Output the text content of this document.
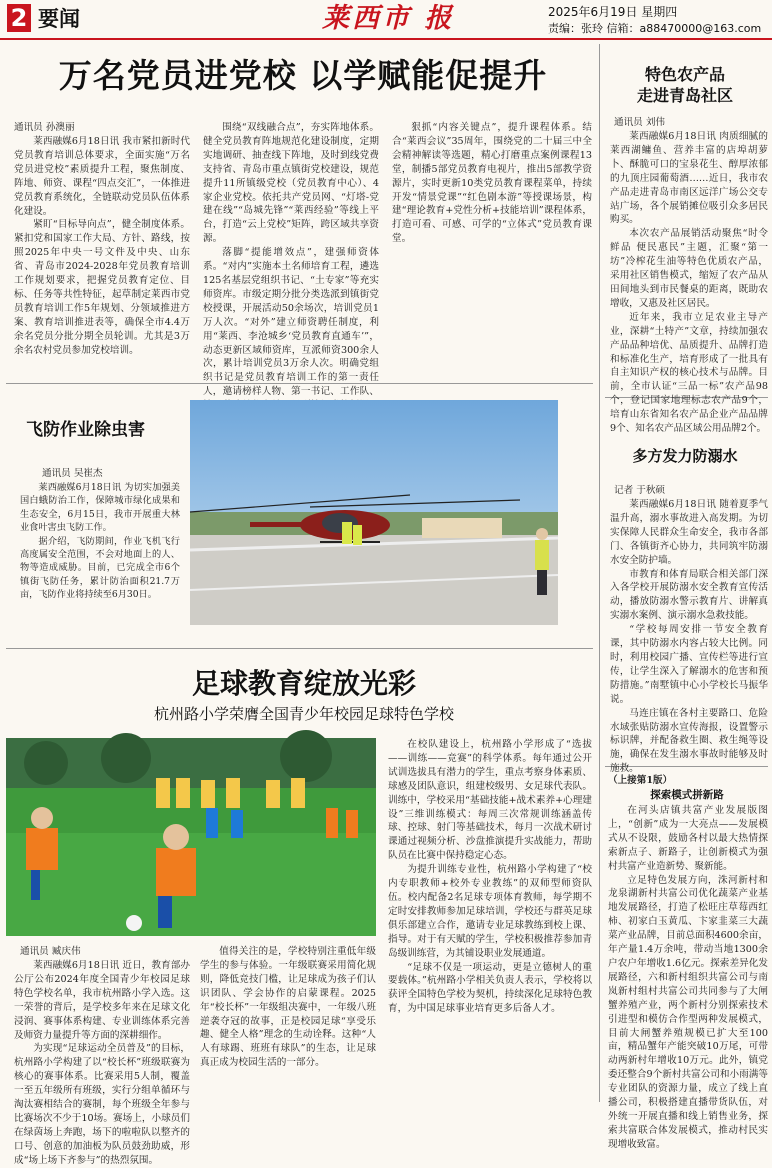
2 要闻	莱西市 报	2025年6月19日 星期四
责编：张玲 信箱：a88470000@163.com
万名党员进党校 以学赋能促提升
通讯员 孙澳丽

莱西融媒6月18日讯 我市紧扣新时代党员教育培训总体要求，全面实施“万名党员进党校”素质提升工程，聚焦制度、阵地、师资、课程“四点交汇”，一体推进党员教育系统化，全链联动党员队伍体系化建设。

紧盯“目标导向点”，健全制度体系。紧扣党和国家工作大局、方针、路线，按照2025年中央一号文件及中央、山东省、青岛市2024-2028年党员教育培训工作规划要求，把握党员教育定位、目标、任务等共性特征，起草制定莱西市党员教育培训工作5年规划、分领域推进方案、教育培训推进表等，确保全市4.4万余名党员分批分期全员轮训。尤其是3万余名农村党员参加党校培训。

围绕“双线融合点”，夯实阵地体系。健全党员教育阵地规范化建设制度，定期实地调研、抽查线下阵地，及时到线党费支持省、青岛市重点镇街党校建设，规范提升11所镇级党校（党员教育中心）、4家企业党校。依托共产党员网、“灯塔-党建在线”“岛城先锋”“莱西经验”等线上平台，打造“云上党校”矩阵，跨区域共享资源。

落脚“提能增效点”，建强师资体系。“对内”实施本土名师培育工程，遴选125名基层党组织书记、“土专家”等充实师资库。市级定期分批分类选派到镇街党校授课，开展活动50余场次，培训党员1万人次。“对外”建立师资聘任制度，利用“莱西、李沧城乡‘党员教育直通车’”，动态更新区域师资库，互派师资300余人次，累计培训党员3万余人次。明确党组织书记是党员教育培训工作的第一责任人，邀请榜样人物、第一书记、工作队、

狠抓“内容关键点”，提升课程体系。结合“莱西会议”35周年，围绕党的二十届三中全会精神解读等选题，精心打磨重点案例课程13堂，制播5部党员教育电视片，推出5部教学资源片，实时更新10类党员教育课程菜单，持续开发“情景党课”“红色剧本游”等授课场景，构建“理论教育+党性分析+技能培训”课程体系，打造可看、可感、可学的“立体式”党员教育课堂。

特色农产品
走进青岛社区
通讯员 刘伟

莱西融媒6月18日讯 肉质细腻的莱西湖鳙鱼、营养丰富的店埠胡萝卜、酥脆可口的宝泉花生、醇厚浓郁的九顶庄园葡萄酒……近日，我市农产品走进青岛市南区远洋广场公交专站广场，各个展销摊位吸引众多居民购买。

本次农产品展销活动聚焦“时令鲜品 便民惠民”主题，汇聚“第一坊”冷榨花生油等特色优质农产品，采用社区销售模式，缩短了农产品从田间地头到市民餐桌的距离，既助农增收，又惠及社区居民。

近年来，我市立足农业主导产业，深耕“土特产”文章，持续加强农产品品种培优、品质提升、品牌打造和标准化生产，培育形成了一批具有自主知识产权的核心技术与品牌。目前，全市认证“三品一标”农产品98个，登记国家地理标志农产品9个，培育山东省知名农产品企业产品品牌9个、知名农产品区域公用品牌2个。

飞防作业除虫害
通讯员 吴崔杰

莱西融媒6月18日讯 为切实加强美国白蛾防治工作，保障城市绿化成果和生态安全，6月15日，我市开展重大林业食叶害虫飞防工作。

据介绍，飞防期间，作业飞机飞行高度属安全范围，不会对地面上的人、物等造成威胁。目前，已完成全市6个镇街飞防任务，累计防治面积21.7万亩，飞防作业将持续至6月30日。

多方发力防溺水
记者 于秋硕

莱西融媒6月18日讯 随着夏季气温升高，溺水事故进入高发期。为切实保障人民群众生命安全，我市各部门、各镇街齐心协力，共同筑牢防溺水安全防护墙。

市教育和体育局联合相关部门深入各学校开展防溺水安全教育宣传活动，播放防溺水警示教育片、讲解真实溺水案例、演示溺水急救技能。

“学校每周安排一节安全教育课，其中防溺水内容占较大比例。同时，利用校园广播、宣传栏等进行宣传，让学生深入了解溺水的危害和预防措施。”南墅镇中心小学校长马振华说。

马连庄镇在各村主要路口、危险水域张贴防溺水宣传海报，设置警示标识牌，并配备救生圈、救生绳等设施，确保在发生溺水事故时能够及时施救。

足球教育绽放光彩
杭州路小学荣膺全国青少年校园足球特色学校
通讯员 臧庆伟

莱西融媒6月18日讯 近日，教育部办公厅公布2024年度全国青少年校园足球特色学校名单，我市杭州路小学入选。这一荣誉的背后，是学校多年来在足球文化浸润、赛事体系构建、专业训练体系完善及师资力量提升等方面的深耕细作。

为实现“足球运动全员普及”的目标，杭州路小学构建了以“校长杯”班级联赛为核心的赛事体系。比赛采用5人制，覆盖一至五年级所有班级，实行分组单循环与淘汰赛相结合的赛制，每个班级全年参与比赛场次不少于10场。赛场上，小球员们在绿茵场上奔跑，场下的啦啦队以整齐的口号、创意的加油板为队员鼓劲助威，形成“场上场下齐参与”的热烈氛围。

值得关注的是，学校特别注重低年级学生的参与体验。一年级联赛采用简化规则，降低竞技门槛，让足球成为孩子们认识团队、学会协作的启蒙课程。2025年“校长杯”一年级组决赛中，一年级八班逆袭夺冠的故事，正是校园足球“享受乐趣、健全人格”理念的生动诠释。这种“人人有球踢、班班有球队”的生态，让足球真正成为校园生活的一部分。

在校队建设上，杭州路小学形成了“选拔——训练——竞赛”的科学体系。每年通过公开试训选拔具有潜力的学生，重点考察身体素质、球感及团队意识，组建校级男、女足球代表队。训练中，学校采用“基础技能+战术素养+心理建设”三维训练模式：每周三次常规训练涵盖传球、控球、射门等基础技术，每月一次战术研讨课通过视频分析、沙盘推演提升实战能力，帮助队员在比赛中保持稳定心态。

为提升训练专业性，杭州路小学构建了“校内专职教师+校外专业教练”的双师型师资队伍。校内配备2名足球专项体育教师，每学期不定时安排教师参加足球培训，学校还与群英足球俱乐部建立合作，邀请专业足球教练到校上课、指导。对于有天赋的学生，学校积极推荐参加青岛级训练营，为其铺设职业发展通道。

“足球不仅是一项运动，更是立德树人的重要载体。”杭州路小学相关负责人表示，学校将以获评全国特色学校为契机，持续深化足球特色教育，为中国足球事业培育更多后备人才。

（上接第1版）
探索模式拼新路

在河头店镇共富产业发展版图上，“创新”成为一大亮点——发展模式从不设限，鼓励各村以最大热情探索新点子、新路子，让创新模式为强村共富产业造新势、聚新能。

立足特色发展方向，洙河新村和龙泉湖新村共富公司优化蔬菜产业基地发展路径，打造了松旺庄草莓西红柿、初家白玉黄瓜、卞家韭菜三大蔬菜产业品牌，目前总面积4600余亩，年产量1.4万余吨，带动当地1300余户农户年增收1.6亿元。探索差异化发展路径，六和新村组织共富公司与南岚新村组村共富公司共同参与了大闸蟹养殖产业，两个新村分别探索技术引进型和模仿合作型两种发展模式，目前大闸蟹养殖规模已扩大至100亩，精品蟹年产能突破10万尾，可带动两新村年增收10万元。此外，镇党委还整合9个新村共富公司和小雨满等专业团队的资源力量，成立了线上直播公司，积极搭建直播带货队伍，对外统一开展直播和线上销售业务，探索共富联合体发展模式，推动村民实现增收致富。
